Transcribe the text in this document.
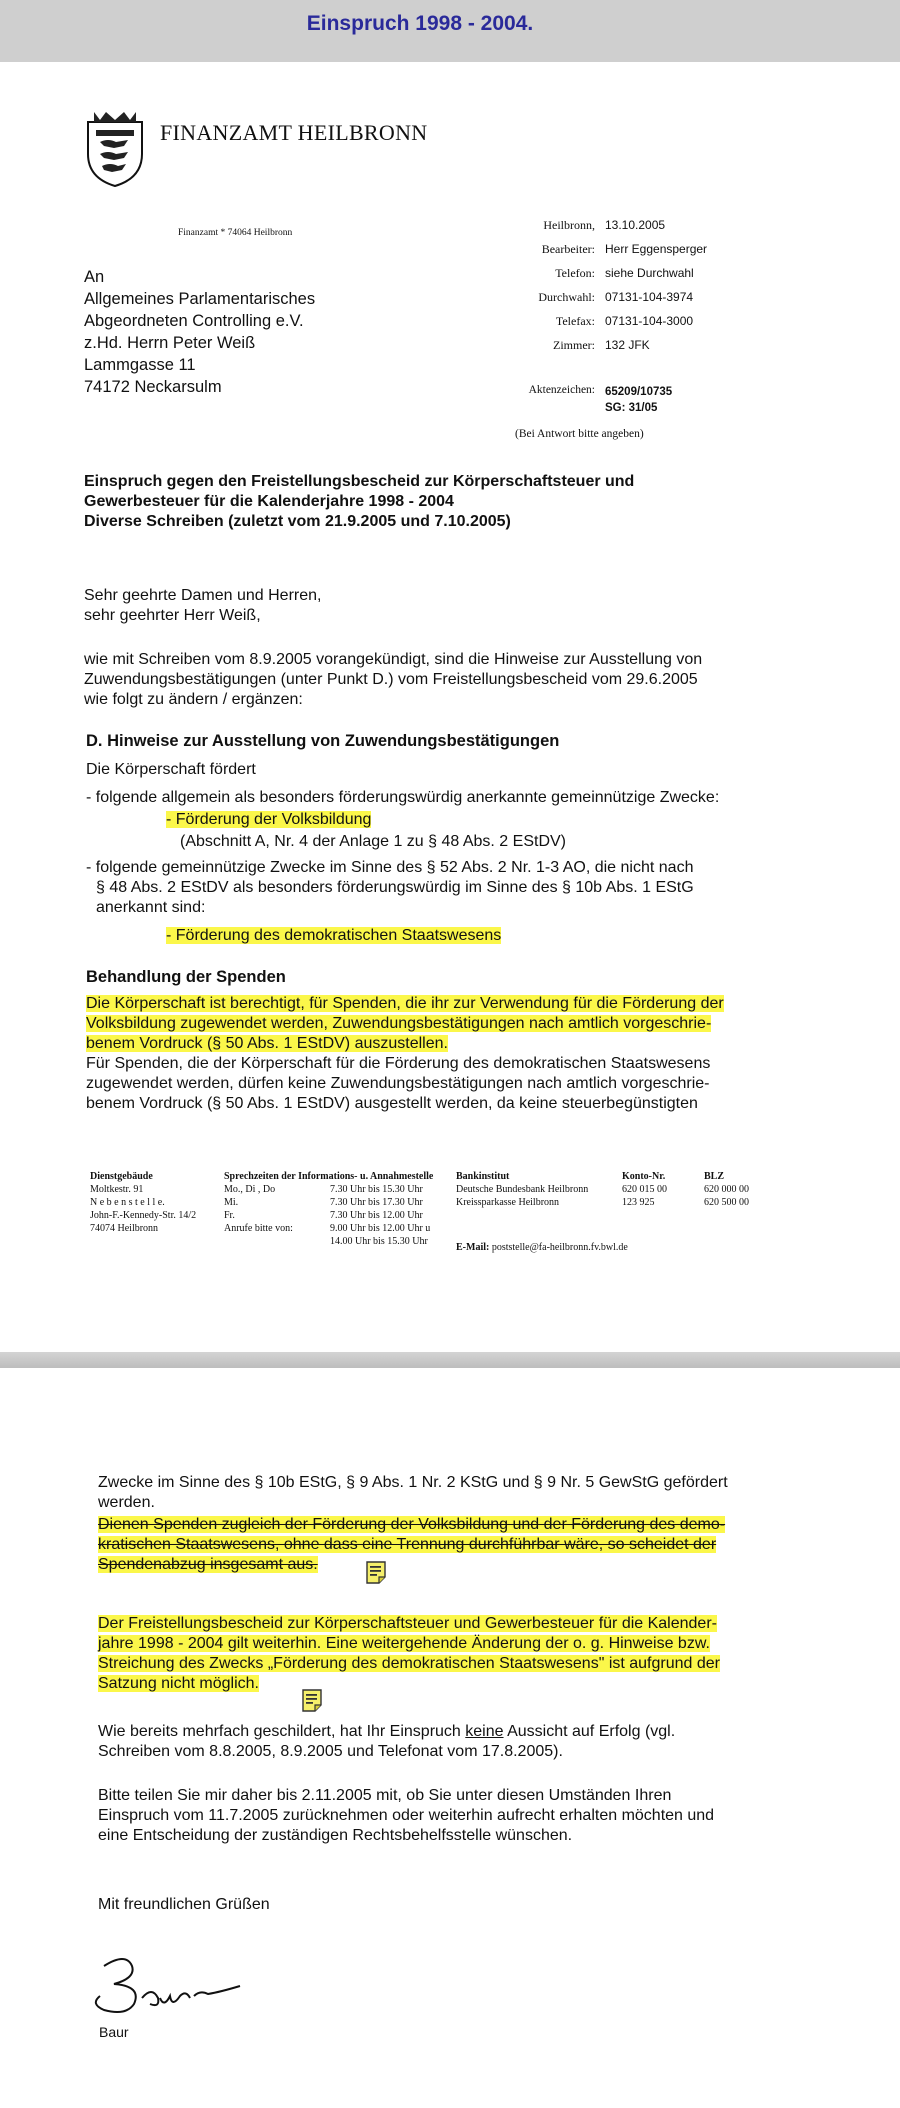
Einspruch 1998 - 2004.
FINANZAMT HEILBRONN
Finanzamt * 74064 Heilbronn
An
Allgemeines Parlamentarisches
Abgeordneten Controlling e.V.
z.Hd. Herrn Peter Weiß
Lammgasse 11
74172 Neckarsulm
Heilbronn, 13.10.2005
Bearbeiter: Herr Eggensperger
Telefon: siehe Durchwahl
Durchwahl: 07131-104-3974
Telefax: 07131-104-3000
Zimmer: 132 JFK
Aktenzeichen: 65209/10735
SG: 31/05
(Bei Antwort bitte angeben)
Einspruch gegen den Freistellungsbescheid zur Körperschaftsteuer und
Gewerbesteuer für die Kalenderjahre 1998 - 2004
Diverse Schreiben (zuletzt vom 21.9.2005 und 7.10.2005)
Sehr geehrte Damen und Herren,
sehr geehrter Herr Weiß,
wie mit Schreiben vom 8.9.2005 vorangekündigt, sind die Hinweise zur Ausstellung von
Zuwendungsbestätigungen (unter Punkt D.) vom Freistellungsbescheid vom 29.6.2005
wie folgt zu ändern / ergänzen:
D. Hinweise zur Ausstellung von Zuwendungsbestätigungen
Die Körperschaft fördert
- folgende allgemein als besonders förderungswürdig anerkannte gemeinnützige Zwecke:
- Förderung der Volksbildung
(Abschnitt A, Nr. 4 der Anlage 1 zu § 48 Abs. 2 EStDV)
- folgende gemeinnützige Zwecke im Sinne des § 52 Abs. 2 Nr. 1-3 AO, die nicht nach
§ 48 Abs. 2 EStDV als besonders förderungswürdig im Sinne des § 10b Abs. 1 EStG
anerkannt sind:
- Förderung des demokratischen Staatswesens
Behandlung der Spenden
Die Körperschaft ist berechtigt, für Spenden, die ihr zur Verwendung für die Förderung der
Volksbildung zugewendet werden, Zuwendungsbestätigungen nach amtlich vorgeschrie-
benem Vordruck (§ 50 Abs. 1 EStDV) auszustellen.
Für Spenden, die der Körperschaft für die Förderung des demokratischen Staatswesens
zugewendet werden, dürfen keine Zuwendungsbestätigungen nach amtlich vorgeschrie-
benem Vordruck (§ 50 Abs. 1 EStDV) ausgestellt werden, da keine steuerbegünstigten
Dienstgebäude	Sprechzeiten der Informations- u. Annahmestelle		Bankinstitut	Konto-Nr.	BLZ
Moltkestr. 91	Mo., Di , Do	7.30 Uhr bis 15.30 Uhr	Deutsche Bundesbank Heilbronn	620 015 00	620 000 00
N e b e n s t e l l e.	Mi.	7.30 Uhr bis 17.30 Uhr	Kreissparkasse Heilbronn	123 925	620 500 00
John-F.-Kennedy-Str. 14/2	Fr.	7.30 Uhr bis 12.00 Uhr			
74074 Heilbronn	Anrufe bitte von:	9.00 Uhr bis 12.00 Uhr u			
		14.00 Uhr bis 15.30 Uhr	E-Mail: poststelle@fa-heilbronn.fv.bwl.de		
Zwecke im Sinne des § 10b EStG, § 9 Abs. 1 Nr. 2 KStG und § 9 Nr. 5 GewStG gefördert
werden.
Dienen Spenden zugleich der Förderung der Volksbildung und der Förderung des demo-
kratischen Staatswesens, ohne dass eine Trennung durchführbar wäre, so scheidet der
Spendenabzug insgesamt aus.
Der Freistellungsbescheid zur Körperschaftsteuer und Gewerbesteuer für die Kalender-
jahre 1998 - 2004 gilt weiterhin. Eine weitergehende Änderung der o. g. Hinweise bzw.
Streichung des Zwecks „Förderung des demokratischen Staatswesens" ist aufgrund der
Satzung nicht möglich.
Wie bereits mehrfach geschildert, hat Ihr Einspruch keine Aussicht auf Erfolg (vgl.
Schreiben vom 8.8.2005, 8.9.2005 und Telefonat vom 17.8.2005).
Bitte teilen Sie mir daher bis 2.11.2005 mit, ob Sie unter diesen Umständen Ihren
Einspruch vom 11.7.2005 zurücknehmen oder weiterhin aufrecht erhalten möchten und
eine Entscheidung der zuständigen Rechtsbehelfsstelle wünschen.
Mit freundlichen Grüßen
Baur
